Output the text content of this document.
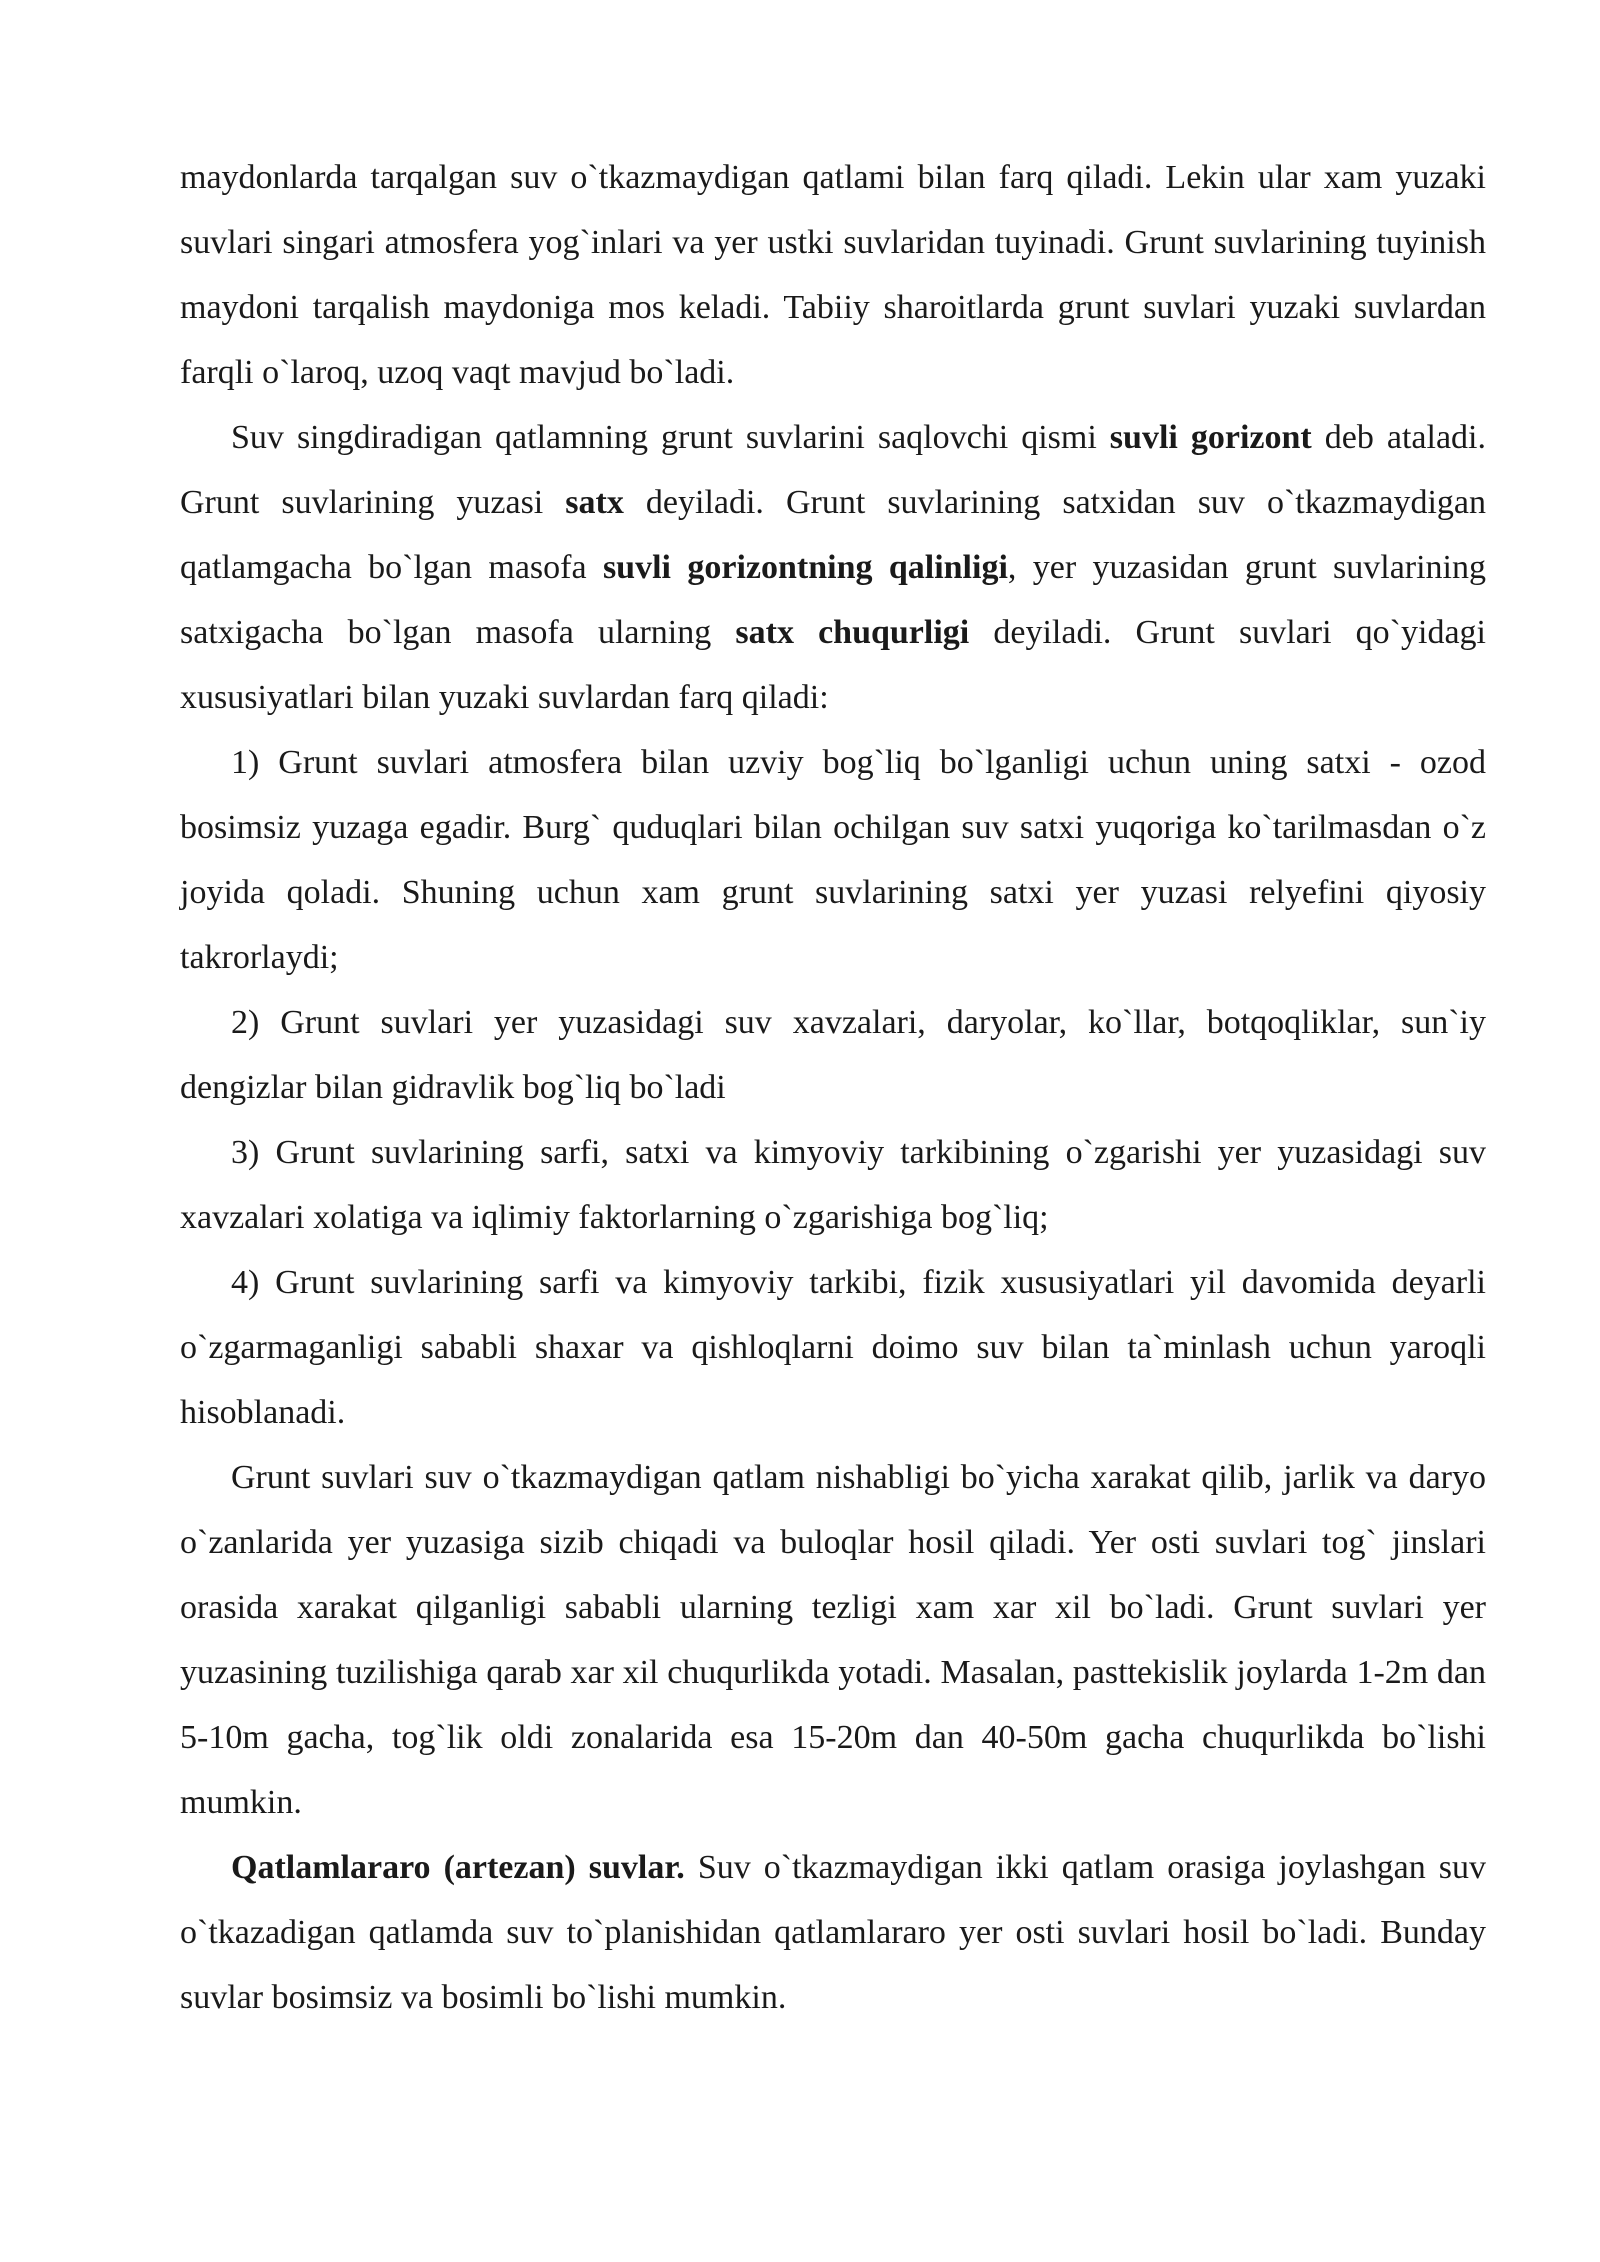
maydonlarda tarqalgan suv o`tkazmaydigan qatlami bilan farq qiladi. Lekin ular xam yuzaki suvlari singari atmosfera yog`inlari va yer ustki suvlaridan tuyinadi. Grunt suvlarining tuyinish maydoni tarqalish maydoniga mos keladi. Tabiiy sharoitlarda grunt suvlari yuzaki suvlardan farqli o`laroq, uzoq vaqt mavjud bo`ladi.

Suv singdiradigan qatlamning grunt suvlarini saqlovchi qismi suvli gorizont deb ataladi. Grunt suvlarining yuzasi satx deyiladi. Grunt suvlarining satxidan suv o`tkazmaydigan qatlamgacha bo`lgan masofa suvli gorizontning qalinligi, yer yuzasidan grunt suvlarining satxigacha bo`lgan masofa ularning satx chuqurligi deyiladi. Grunt suvlari qo`yidagi xususiyatlari bilan yuzaki suvlardan farq qiladi:

1) Grunt suvlari atmosfera bilan uzviy bog`liq bo`lganligi uchun uning satxi - ozod bosimsiz yuzaga egadir. Burg` quduqlari bilan ochilgan suv satxi yuqoriga ko`tarilmasdan o`z joyida qoladi. Shuning uchun xam grunt suvlarining satxi yer yuzasi relyefini qiyosiy takrorlaydi;

2) Grunt suvlari yer yuzasidagi suv xavzalari, daryolar, ko`llar, botqoqliklar, sun`iy dengizlar bilan gidravlik bog`liq bo`ladi

3) Grunt suvlarining sarfi, satxi va kimyoviy tarkibining o`zgarishi yer yuzasidagi suv xavzalari xolatiga va iqlimiy faktorlarning o`zgarishiga bog`liq;

4) Grunt suvlarining sarfi va kimyoviy tarkibi, fizik xususiyatlari yil davomida deyarli o`zgarmaganligi sababli shaxar va qishloqlarni doimo suv bilan ta`minlash uchun yaroqli hisoblanadi.

Grunt suvlari suv o`tkazmaydigan qatlam nishabligi bo`yicha xarakat qilib, jarlik va daryo o`zanlarida yer yuzasiga sizib chiqadi va buloqlar hosil qiladi. Yer osti suvlari tog` jinslari orasida xarakat qilganligi sababli ularning tezligi xam xar xil bo`ladi. Grunt suvlari yer yuzasining tuzilishiga qarab xar xil chuqurlikda yotadi. Masalan, pasttekislik joylarda 1-2m dan 5-10m gacha, tog`lik oldi zonalarida esa 15-20m dan 40-50m gacha chuqurlikda bo`lishi mumkin.

Qatlamlararo (artezan) suvlar. Suv o`tkazmaydigan ikki qatlam orasiga joylashgan suv o`tkazadigan qatlamda suv to`planishidan qatlamlararo yer osti suvlari hosil bo`ladi. Bunday suvlar bosimsiz va bosimli bo`lishi mumkin.
